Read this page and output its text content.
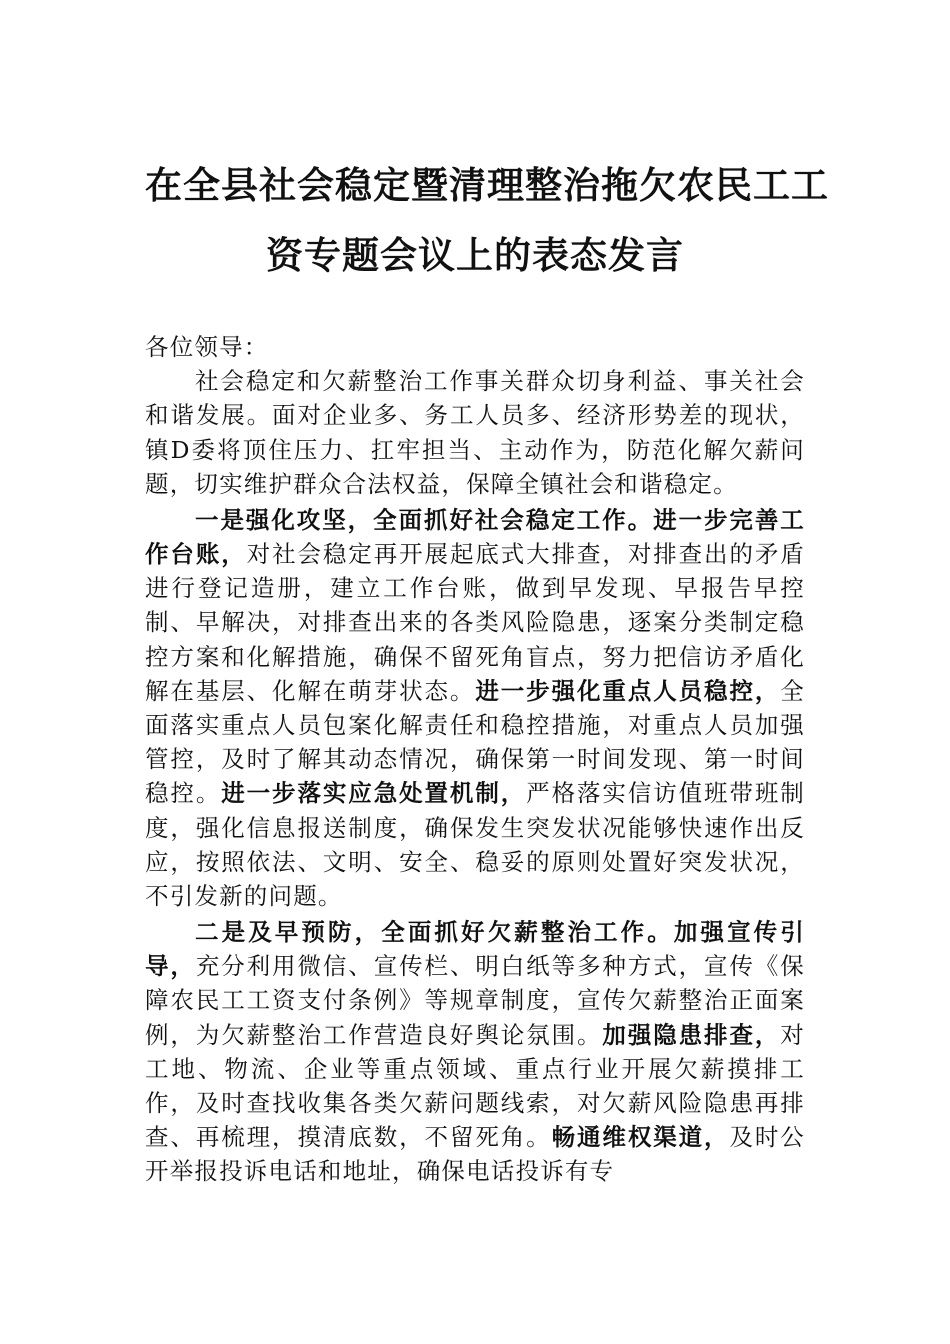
在全县社会稳定暨清理整治拖欠农民工工
资专题会议上的表态发言

各位领导：

社会稳定和欠薪整治工作事关群众切身利益、事关社会和谐发展。面对企业多、务工人员多、经济形势差的现状，镇D委将顶住压力、扛牢担当、主动作为，防范化解欠薪问题，切实维护群众合法权益，保障全镇社会和谐稳定。

一是强化攻坚，全面抓好社会稳定工作。进一步完善工作台账，对社会稳定再开展起底式大排查，对排查出的矛盾进行登记造册，建立工作台账，做到早发现、早报告早控制、早解决，对排查出来的各类风险隐患，逐案分类制定稳控方案和化解措施，确保不留死角盲点，努力把信访矛盾化解在基层、化解在萌芽状态。进一步强化重点人员稳控，全面落实重点人员包案化解责任和稳控措施，对重点人员加强管控，及时了解其动态情况，确保第一时间发现、第一时间稳控。进一步落实应急处置机制，严格落实信访值班带班制度，强化信息报送制度，确保发生突发状况能够快速作出反应，按照依法、文明、安全、稳妥的原则处置好突发状况，不引发新的问题。

二是及早预防，全面抓好欠薪整治工作。加强宣传引导，充分利用微信、宣传栏、明白纸等多种方式，宣传《保障农民工工资支付条例》等规章制度，宣传欠薪整治正面案例，为欠薪整治工作营造良好舆论氛围。加强隐患排查，对工地、物流、企业等重点领域、重点行业开展欠薪摸排工作，及时查找收集各类欠薪问题线索，对欠薪风险隐患再排查、再梳理，摸清底数，不留死角。畅通维权渠道，及时公开举报投诉电话和地址，确保电话投诉有专
